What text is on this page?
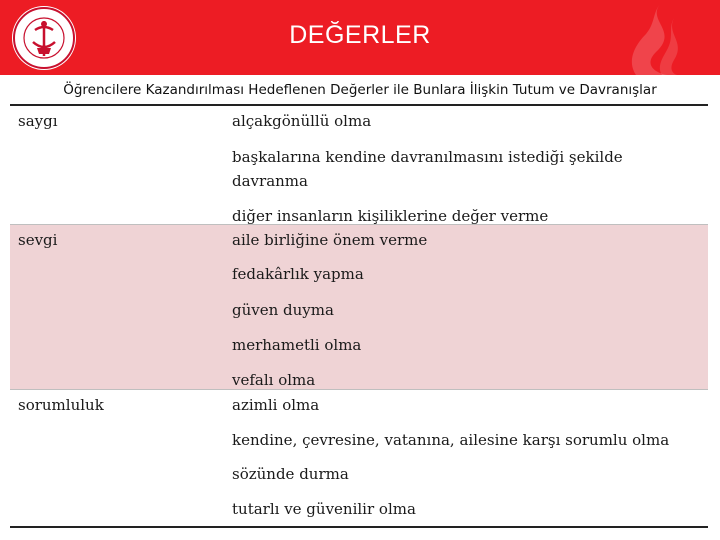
DEĞERLER
Öğrencilere Kazandırılması Hedeflenen Değerler ile Bunlara İlişkin Tutum ve Davranışlar
saygı	alçakgönüllü olma
başkalarına kendine davranılmasını istediği şekilde davranma
diğer insanların kişiliklerine değer verme
sevgi	aile birliğine önem verme
fedakârlık yapma
güven duyma
merhametli olma
vefalı olma
sorumluluk	azimli olma
kendine, çevresine, vatanına, ailesine karşı sorumlu olma
sözünde durma
tutarlı ve güvenilir olma
